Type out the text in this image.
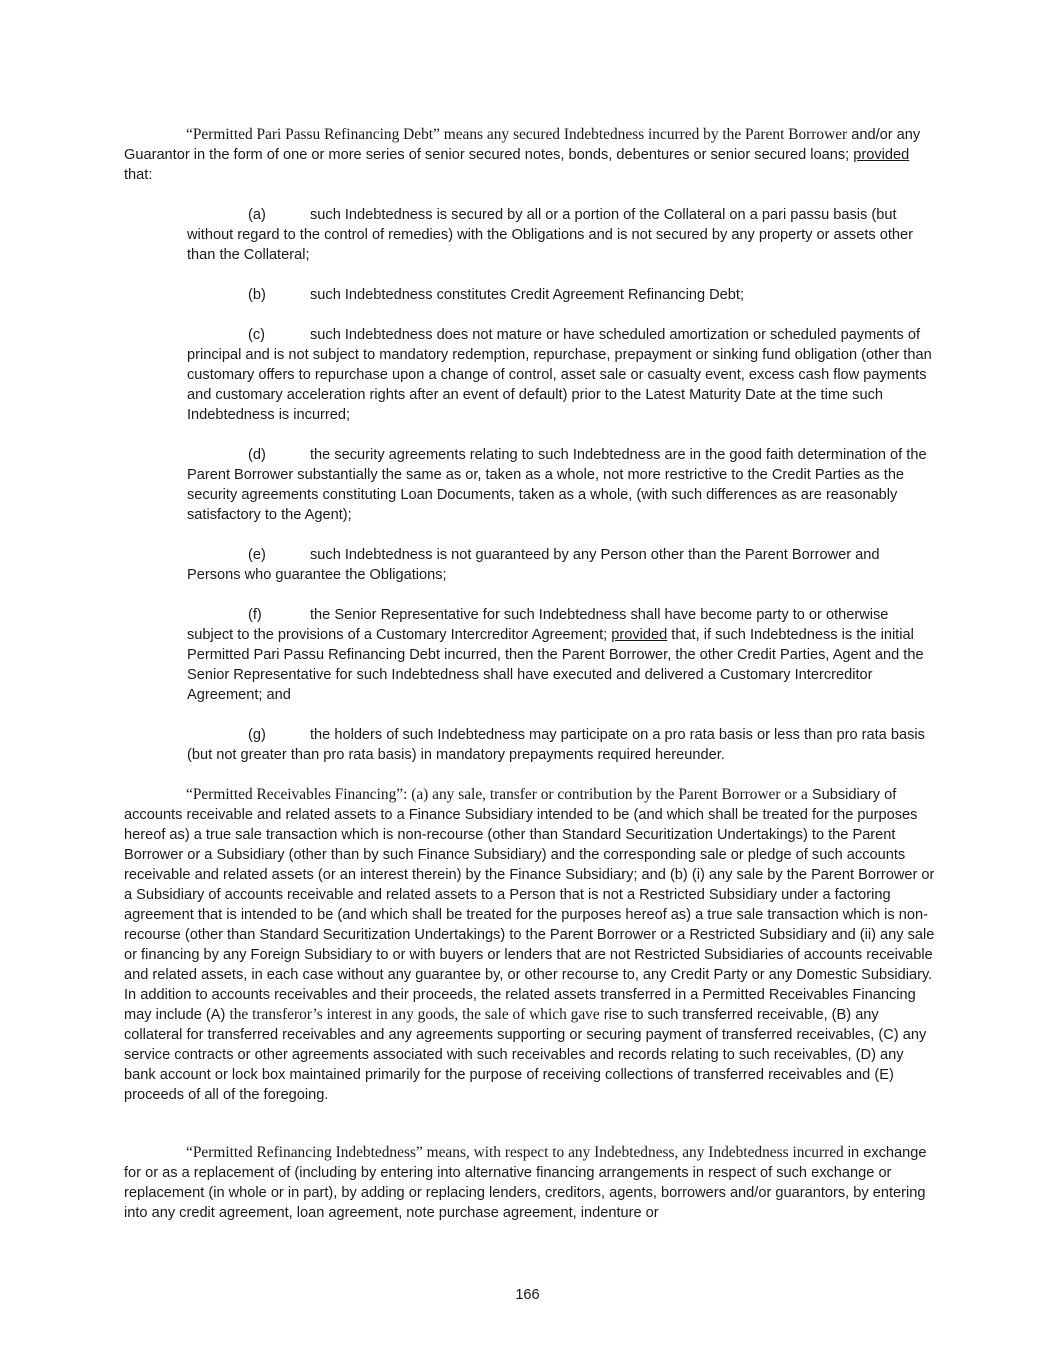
“Permitted Pari Passu Refinancing Debt” means any secured Indebtedness incurred by the Parent Borrower and/or any Guarantor in the form of one or more series of senior secured notes, bonds, debentures or senior secured loans; provided that:

(a)	such Indebtedness is secured by all or a portion of the Collateral on a pari passu basis (but without regard to the control of remedies) with the Obligations and is not secured by any property or assets other than the Collateral;

(b)	such Indebtedness constitutes Credit Agreement Refinancing Debt;

(c)	such Indebtedness does not mature or have scheduled amortization or scheduled payments of principal and is not subject to mandatory redemption, repurchase, prepayment or sinking fund obligation (other than customary offers to repurchase upon a change of control, asset sale or casualty event, excess cash flow payments and customary acceleration rights after an event of default) prior to the Latest Maturity Date at the time such Indebtedness is incurred;

(d)	the security agreements relating to such Indebtedness are in the good faith determination of the Parent Borrower substantially the same as or, taken as a whole, not more restrictive to the Credit Parties as the security agreements constituting Loan Documents, taken as a whole, (with such differences as are reasonably satisfactory to the Agent);

(e)	such Indebtedness is not guaranteed by any Person other than the Parent Borrower and Persons who guarantee the Obligations;

(f)	the Senior Representative for such Indebtedness shall have become party to or otherwise subject to the provisions of a Customary Intercreditor Agreement; provided that, if such Indebtedness is the initial Permitted Pari Passu Refinancing Debt incurred, then the Parent Borrower, the other Credit Parties, Agent and the Senior Representative for such Indebtedness shall have executed and delivered a Customary Intercreditor Agreement; and

(g)	the holders of such Indebtedness may participate on a pro rata basis or less than pro rata basis (but not greater than pro rata basis) in mandatory prepayments required hereunder.

“Permitted Receivables Financing”: (a) any sale, transfer or contribution by the Parent Borrower or a Subsidiary of accounts receivable and related assets to a Finance Subsidiary intended to be (and which shall be treated for the purposes hereof as) a true sale transaction which is non-recourse (other than Standard Securitization Undertakings) to the Parent Borrower or a Subsidiary (other than by such Finance Subsidiary) and the corresponding sale or pledge of such accounts receivable and related assets (or an interest therein) by the Finance Subsidiary; and (b) (i) any sale by the Parent Borrower or a Subsidiary of accounts receivable and related assets to a Person that is not a Restricted Subsidiary under a factoring agreement that is intended to be (and which shall be treated for the purposes hereof as) a true sale transaction which is non-recourse (other than Standard Securitization Undertakings) to the Parent Borrower or a Restricted Subsidiary and (ii) any sale or financing by any Foreign Subsidiary to or with buyers or lenders that are not Restricted Subsidiaries of accounts receivable and related assets, in each case without any guarantee by, or other recourse to, any Credit Party or any Domestic Subsidiary. In addition to accounts receivables and their proceeds, the related assets transferred in a Permitted Receivables Financing may include (A) the transferor’s interest in any goods, the sale of which gave rise to such transferred receivable, (B) any collateral for transferred receivables and any agreements supporting or securing payment of transferred receivables, (C) any service contracts or other agreements associated with such receivables and records relating to such receivables, (D) any bank account or lock box maintained primarily for the purpose of receiving collections of transferred receivables and (E) proceeds of all of the foregoing.

“Permitted Refinancing Indebtedness” means, with respect to any Indebtedness, any Indebtedness incurred in exchange for or as a replacement of (including by entering into alternative financing arrangements in respect of such exchange or replacement (in whole or in part), by adding or replacing lenders, creditors, agents, borrowers and/or guarantors, by entering into any credit agreement, loan agreement, note purchase agreement, indenture or

166
